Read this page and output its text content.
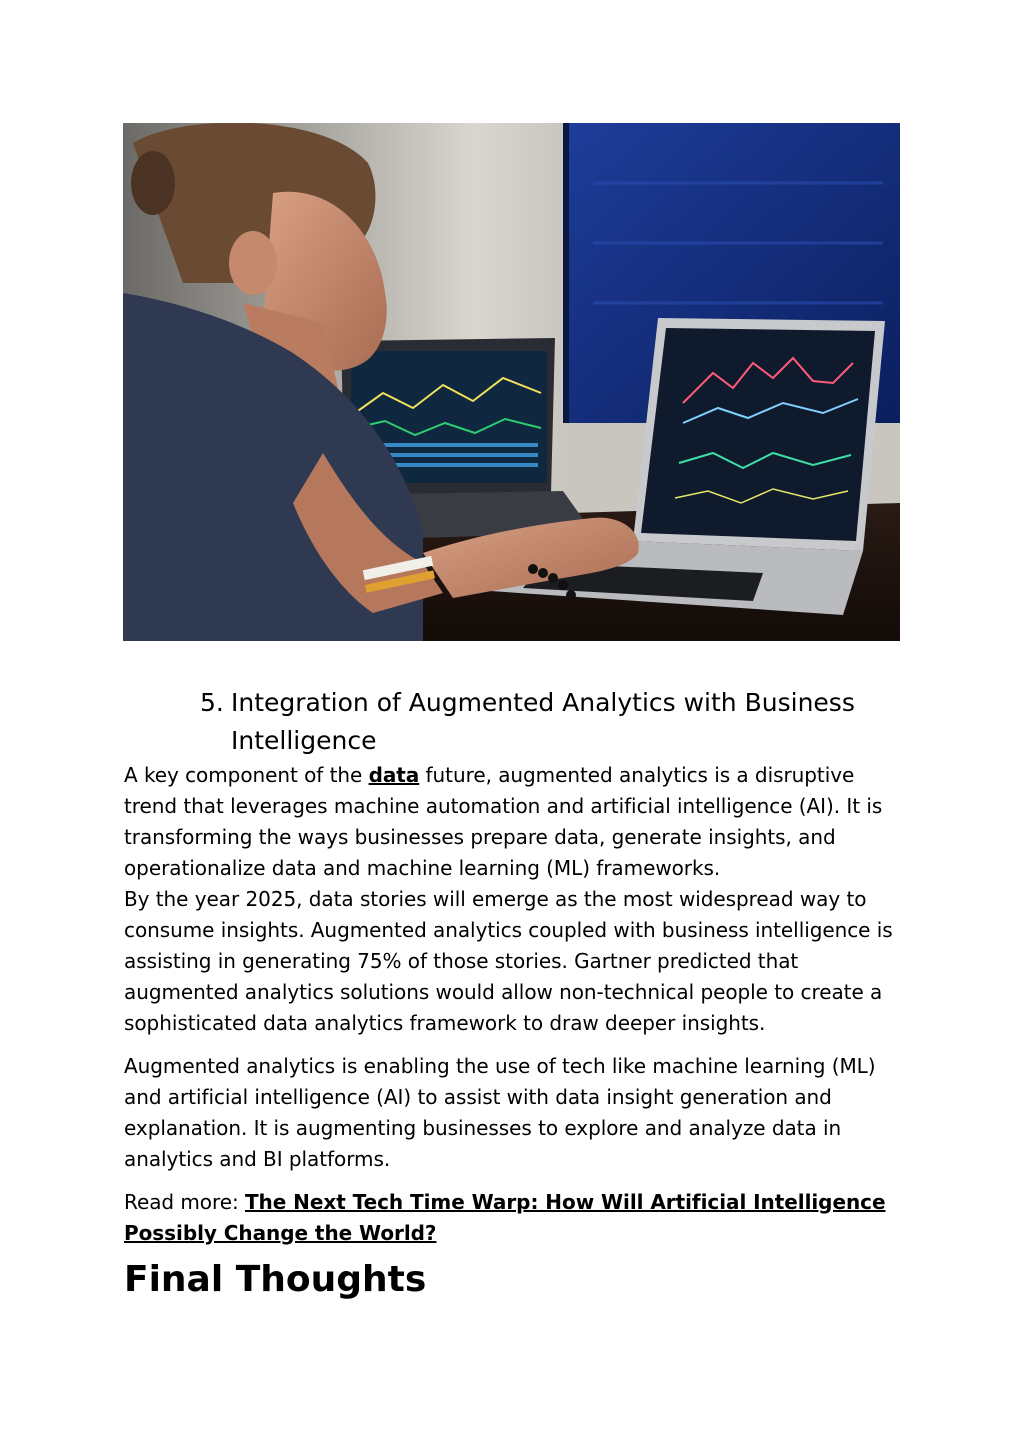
5. Integration of Augmented Analytics with Business Intelligence

A key component of the data future, augmented analytics is a disruptive trend that leverages machine automation and artificial intelligence (AI). It is transforming the ways businesses prepare data, generate insights, and operationalize data and machine learning (ML) frameworks.

By the year 2025, data stories will emerge as the most widespread way to consume insights. Augmented analytics coupled with business intelligence is assisting in generating 75% of those stories. Gartner predicted that augmented analytics solutions would allow non-technical people to create a sophisticated data analytics framework to draw deeper insights.

Augmented analytics is enabling the use of tech like machine learning (ML) and artificial intelligence (AI) to assist with data insight generation and explanation. It is augmenting businesses to explore and analyze data in analytics and BI platforms.

Read more: The Next Tech Time Warp: How Will Artificial Intelligence Possibly Change the World?

Final Thoughts
